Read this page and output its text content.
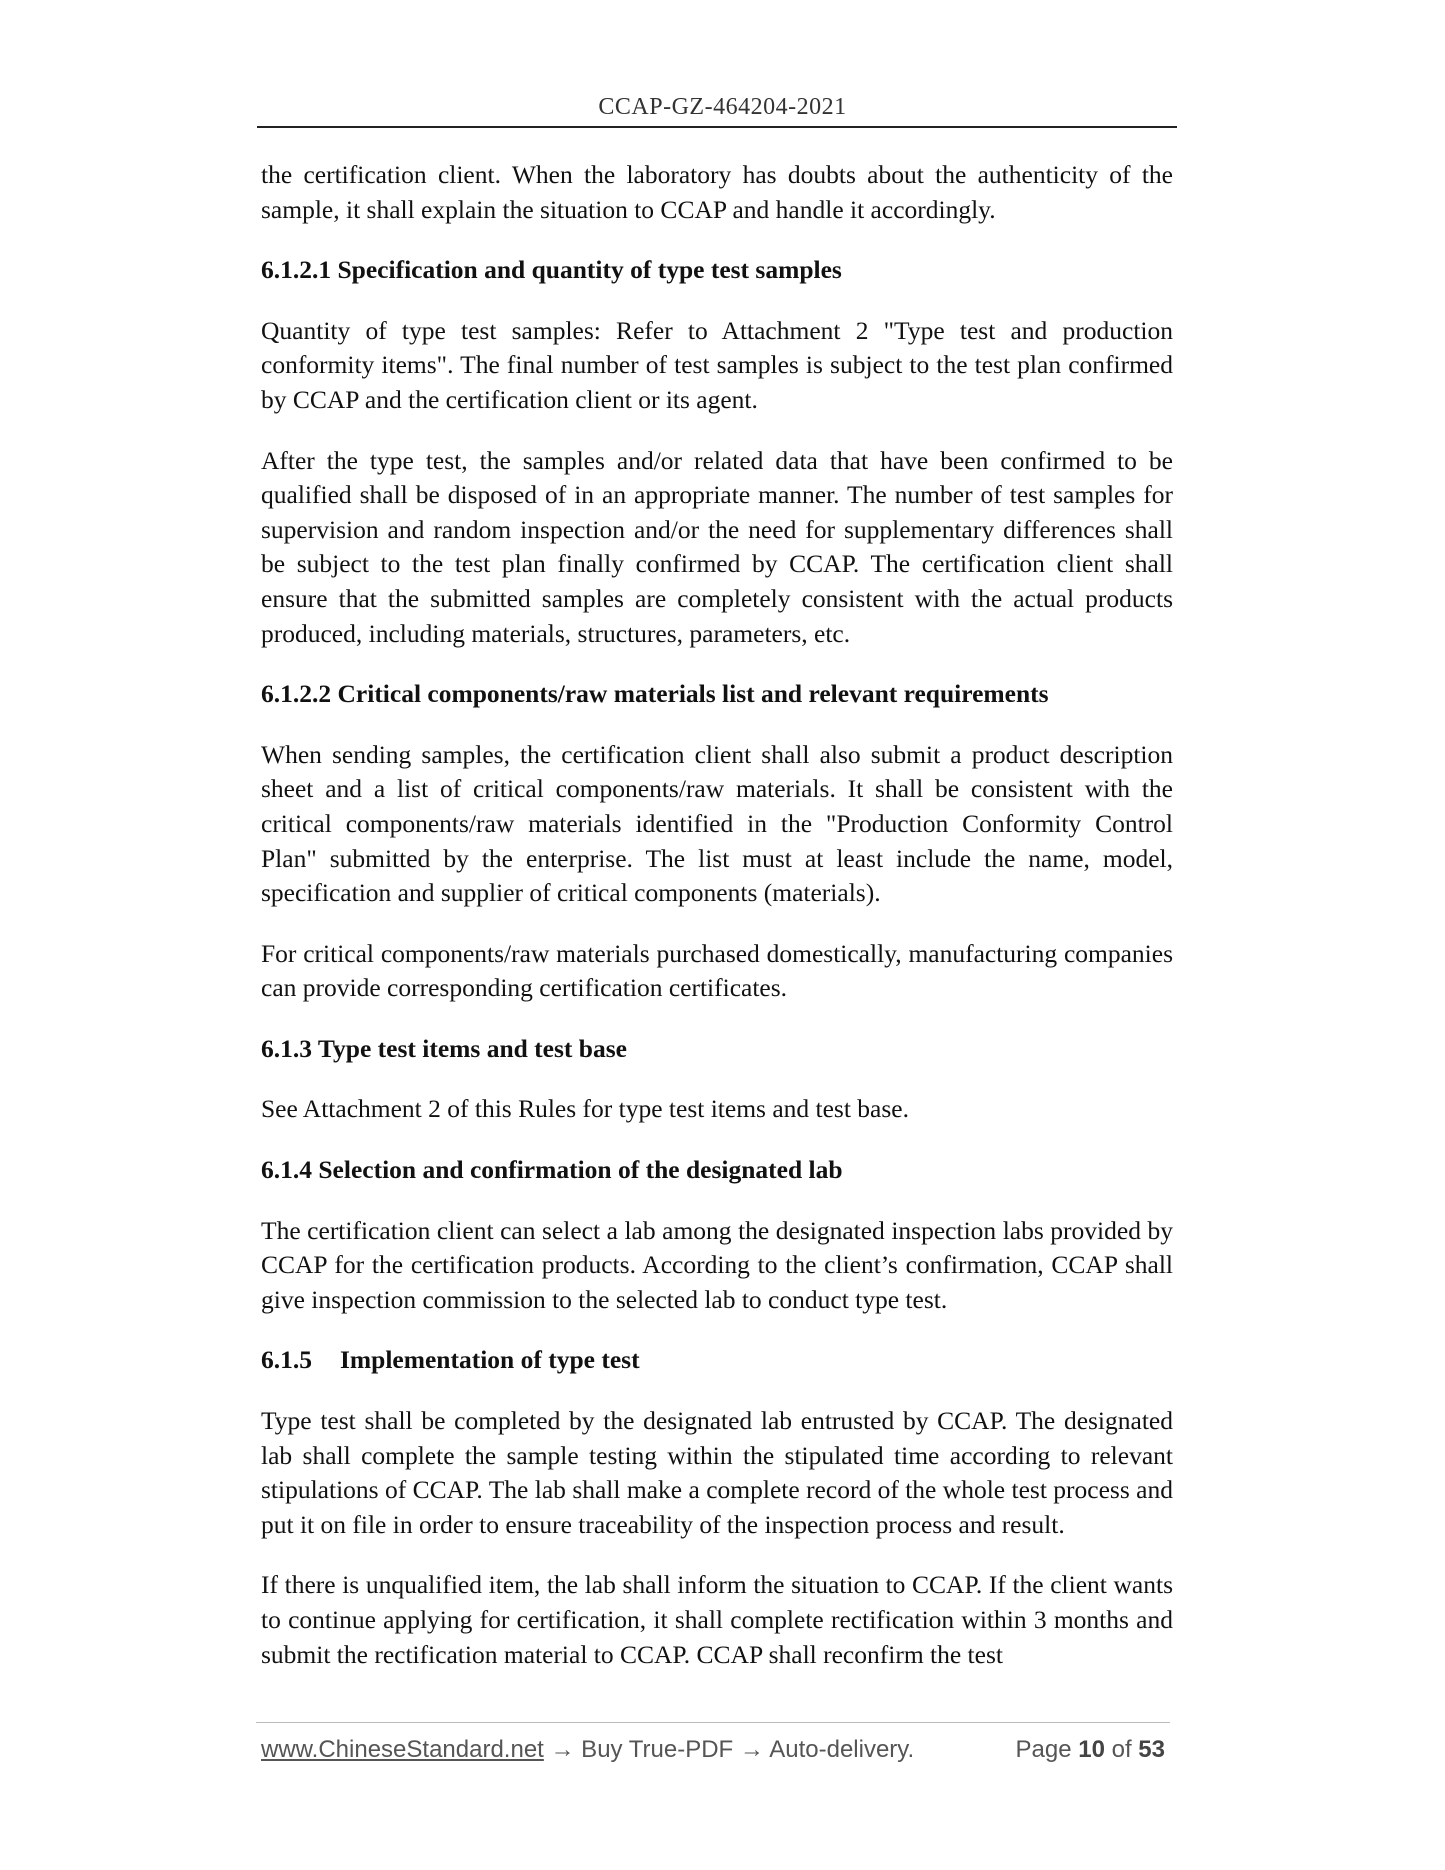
CCAP-GZ-464204-2021

the certification client. When the laboratory has doubts about the authenticity of the sample, it shall explain the situation to CCAP and handle it accordingly.

6.1.2.1 Specification and quantity of type test samples

Quantity of type test samples: Refer to Attachment 2 "Type test and production conformity items". The final number of test samples is subject to the test plan confirmed by CCAP and the certification client or its agent.

After the type test, the samples and/or related data that have been confirmed to be qualified shall be disposed of in an appropriate manner. The number of test samples for supervision and random inspection and/or the need for supplementary differences shall be subject to the test plan finally confirmed by CCAP. The certification client shall ensure that the submitted samples are completely consistent with the actual products produced, including materials, structures, parameters, etc.

6.1.2.2 Critical components/raw materials list and relevant requirements

When sending samples, the certification client shall also submit a product description sheet and a list of critical components/raw materials. It shall be consistent with the critical components/raw materials identified in the "Production Conformity Control Plan" submitted by the enterprise. The list must at least include the name, model, specification and supplier of critical components (materials).

For critical components/raw materials purchased domestically, manufacturing companies can provide corresponding certification certificates.

6.1.3 Type test items and test base

See Attachment 2 of this Rules for type test items and test base.

6.1.4 Selection and confirmation of the designated lab

The certification client can select a lab among the designated inspection labs provided by CCAP for the certification products. According to the client’s confirmation, CCAP shall give inspection commission to the selected lab to conduct type test.

6.1.5 Implementation of type test

Type test shall be completed by the designated lab entrusted by CCAP. The designated lab shall complete the sample testing within the stipulated time according to relevant stipulations of CCAP. The lab shall make a complete record of the whole test process and put it on file in order to ensure traceability of the inspection process and result.

If there is unqualified item, the lab shall inform the situation to CCAP. If the client wants to continue applying for certification, it shall complete rectification within 3 months and submit the rectification material to CCAP. CCAP shall reconfirm the test

www.ChineseStandard.net → Buy True-PDF → Auto-delivery.	Page 10 of 53
